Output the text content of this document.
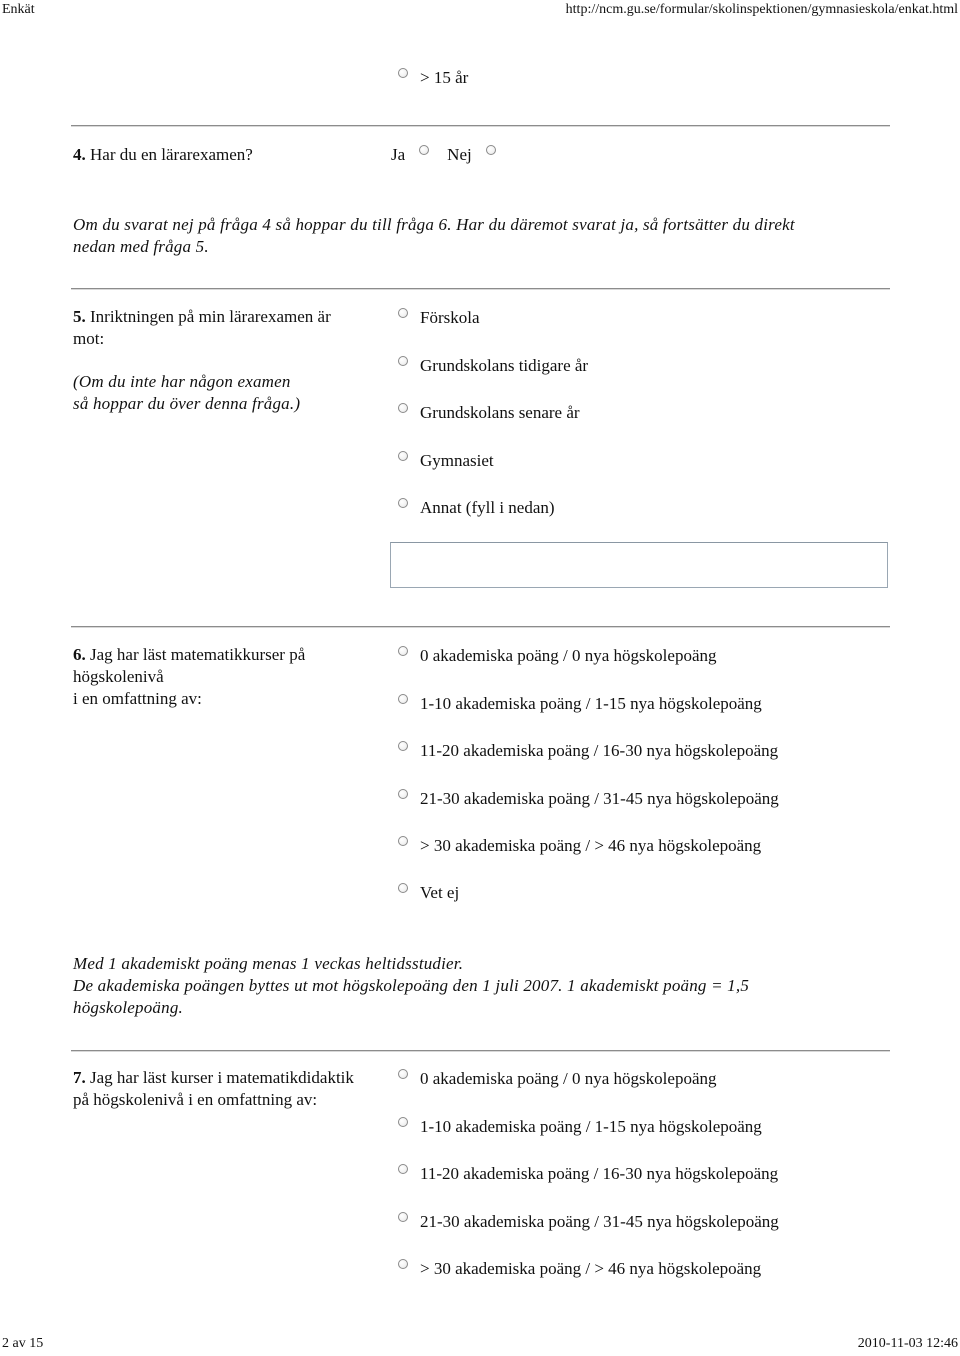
Enkät	http://ncm.gu.se/formular/skolinspektionen/gymnasieskola/enkat.html
> 15 år
4. Har du en lärarexamen?	Ja Nej
Om du svarat nej på fråga 4 så hoppar du till fråga 6. Har du däremot svarat ja, så fortsätter du direkt
nedan med fråga 5.
5. Inriktningen på min lärarexamen är
mot:
(Om du inte har någon examen
så hoppar du över denna fråga.)
Förskola
Grundskolans tidigare år
Grundskolans senare år
Gymnasiet
Annat (fyll i nedan)
6. Jag har läst matematikkurser på
högskolenivå
i en omfattning av:
0 akademiska poäng / 0 nya högskolepoäng
1-10 akademiska poäng / 1-15 nya högskolepoäng
11-20 akademiska poäng / 16-30 nya högskolepoäng
21-30 akademiska poäng / 31-45 nya högskolepoäng
> 30 akademiska poäng / > 46 nya högskolepoäng
Vet ej
Med 1 akademiskt poäng menas 1 veckas heltidsstudier.
De akademiska poängen byttes ut mot högskolepoäng den 1 juli 2007. 1 akademiskt poäng = 1,5
högskolepoäng.
7. Jag har läst kurser i matematikdidaktik
på högskolenivå i en omfattning av:
0 akademiska poäng / 0 nya högskolepoäng
1-10 akademiska poäng / 1-15 nya högskolepoäng
11-20 akademiska poäng / 16-30 nya högskolepoäng
21-30 akademiska poäng / 31-45 nya högskolepoäng
> 30 akademiska poäng / > 46 nya högskolepoäng
2 av 15	2010-11-03 12:46
